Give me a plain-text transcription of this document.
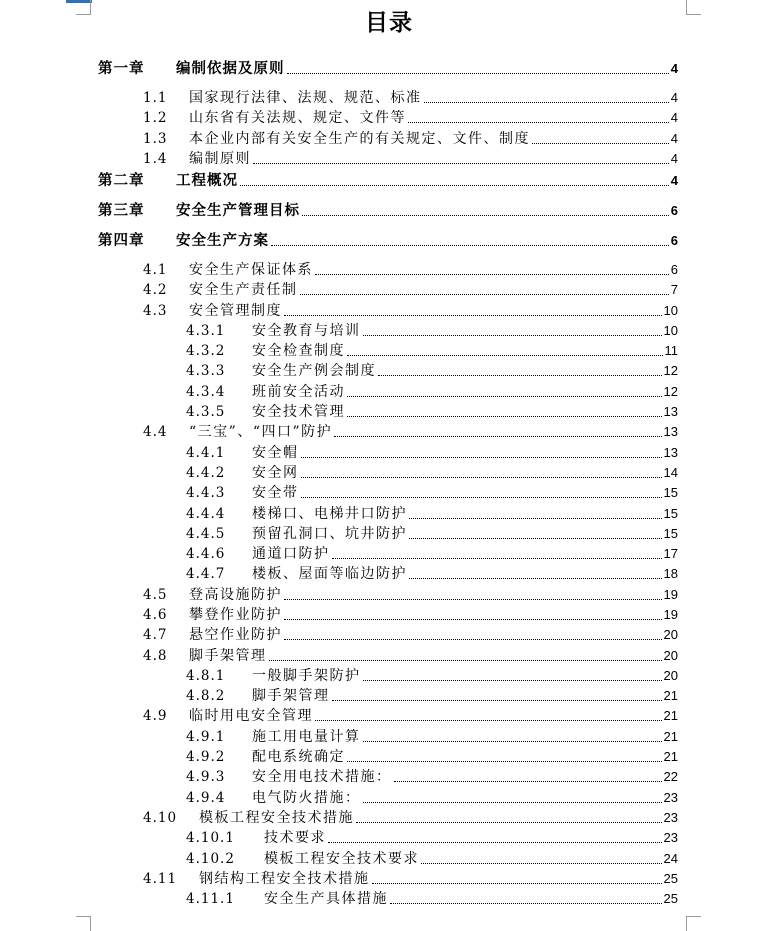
目录
第一章	编制依据及原则	4
1.1	国家现行法律、法规、规范、标准	4
1.2	山东省有关法规、规定、文件等	4
1.3	本企业内部有关安全生产的有关规定、文件、制度	4
1.4	编制原则	4
第二章	工程概况	4
第三章	安全生产管理目标	6
第四章	安全生产方案	6
4.1	安全生产保证体系	6
4.2	安全生产责任制	7
4.3	安全管理制度	10
4.3.1	安全教育与培训	10
4.3.2	安全检查制度	11
4.3.3	安全生产例会制度	12
4.3.4	班前安全活动	12
4.3.5	安全技术管理	13
4.4	“三宝”、“四口”防护	13
4.4.1	安全帽	13
4.4.2	安全网	14
4.4.3	安全带	15
4.4.4	楼梯口、电梯井口防护	15
4.4.5	预留孔洞口、坑井防护	15
4.4.6	通道口防护	17
4.4.7	楼板、屋面等临边防护	18
4.5	登高设施防护	19
4.6	攀登作业防护	19
4.7	悬空作业防护	20
4.8	脚手架管理	20
4.8.1	一般脚手架防护	20
4.8.2	脚手架管理	21
4.9	临时用电安全管理	21
4.9.1	施工用电量计算	21
4.9.2	配电系统确定	21
4.9.3	安全用电技术措施：	22
4.9.4	电气防火措施：	23
4.10	模板工程安全技术措施	23
4.10.1	技术要求	23
4.10.2	模板工程安全技术要求	24
4.11	钢结构工程安全技术措施	25
4.11.1	安全生产具体措施	25
